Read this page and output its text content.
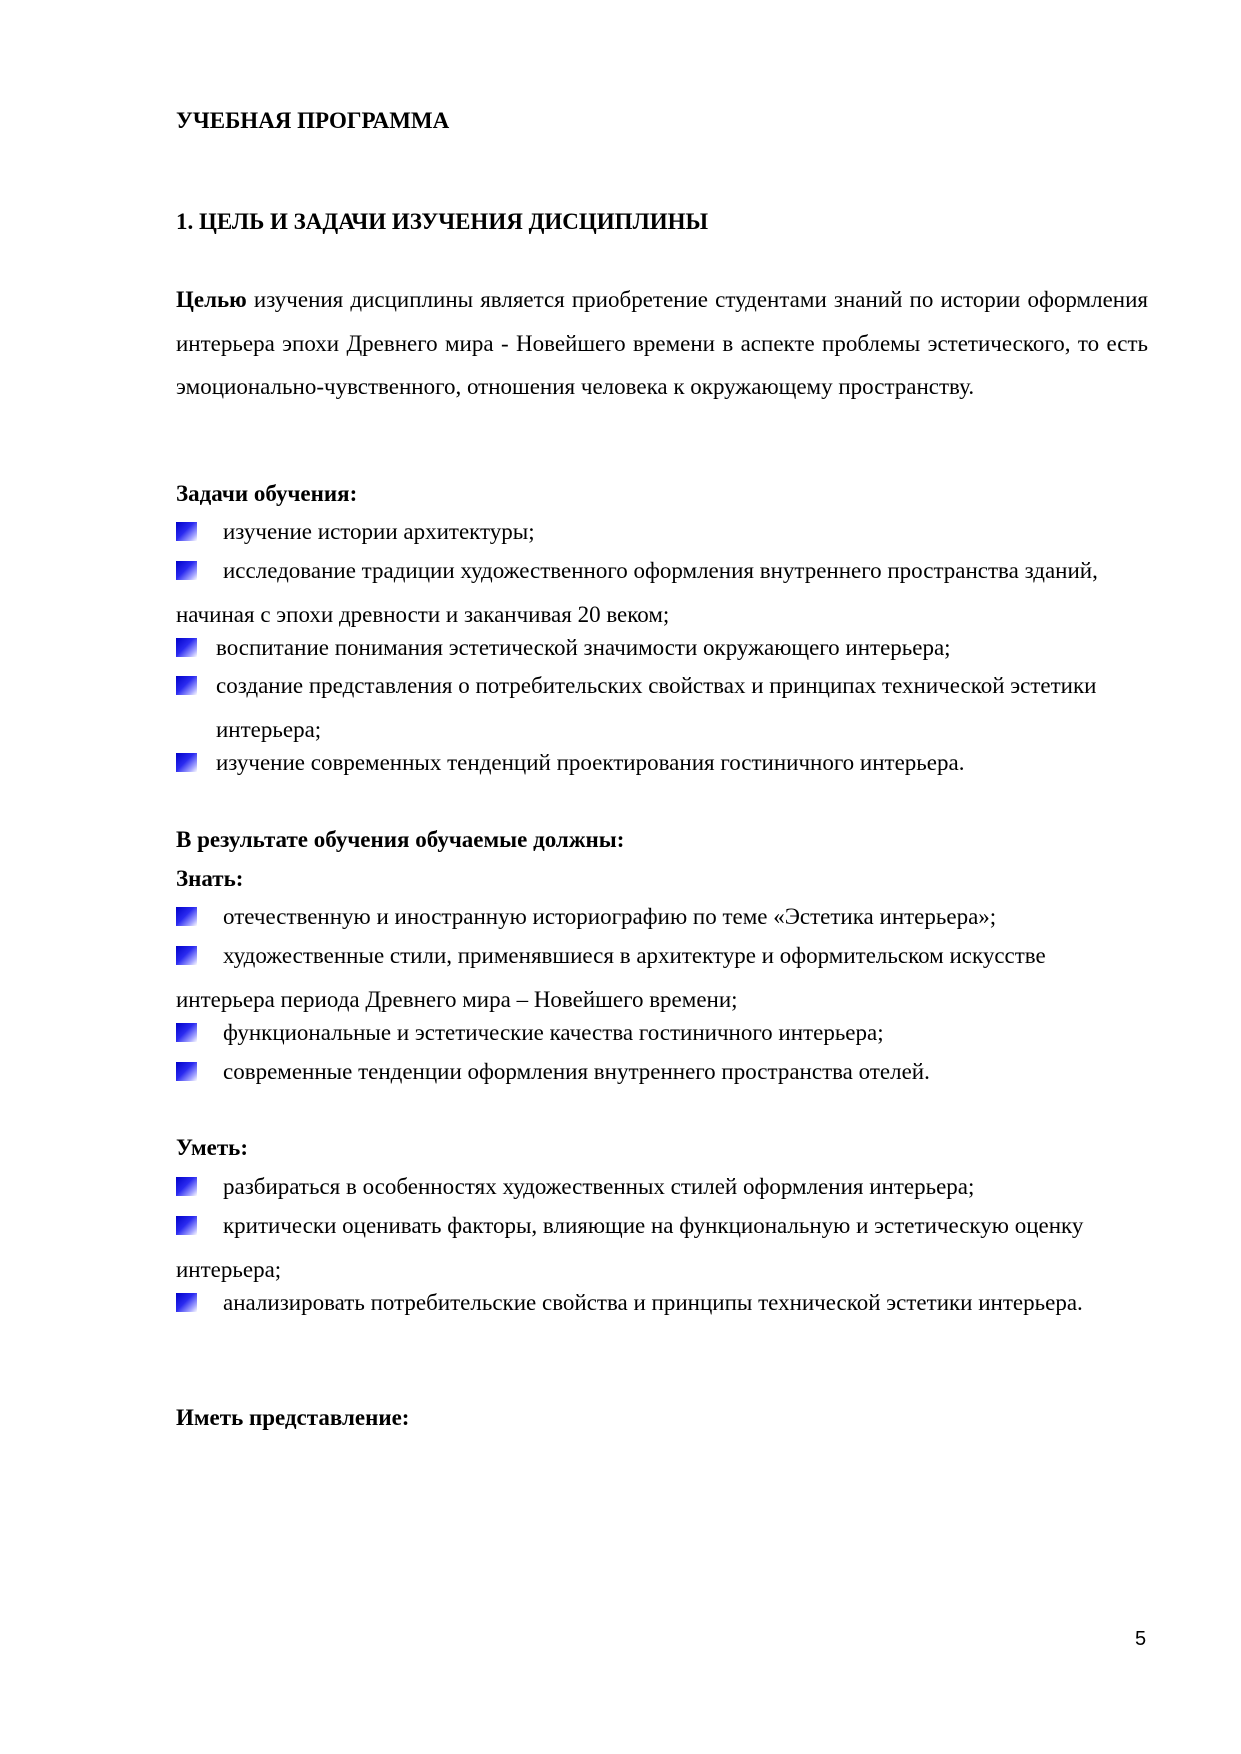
УЧЕБНАЯ ПРОГРАММА
1. ЦЕЛЬ И ЗАДАЧИ ИЗУЧЕНИЯ ДИСЦИПЛИНЫ
Целью изучения дисциплины является приобретение студентами знаний по истории оформления интерьера эпохи Древнего мира - Новейшего времени в аспекте проблемы эстетического, то есть эмоционально-чувственного, отношения человека к окружающему пространству.
Задачи обучения:
изучение истории архитектуры;
исследование традиции художественного оформления внутреннего пространства зданий, начиная с эпохи древности и заканчивая 20 веком;
воспитание понимания эстетической значимости окружающего интерьера;
создание представления о потребительских свойствах и принципах технической эстетики интерьера;
изучение современных тенденций проектирования гостиничного интерьера.
В результате обучения обучаемые должны:
Знать:
отечественную и иностранную историографию по теме «Эстетика интерьера»;
художественные стили, применявшиеся в архитектуре и оформительском искусстве интерьера периода Древнего мира – Новейшего времени;
функциональные и эстетические качества гостиничного интерьера;
современные тенденции оформления внутреннего пространства отелей.
Уметь:
разбираться в особенностях художественных стилей оформления интерьера;
критически оценивать факторы, влияющие на функциональную и эстетическую оценку интерьера;
анализировать потребительские свойства и принципы технической эстетики интерьера.
Иметь представление:
5
